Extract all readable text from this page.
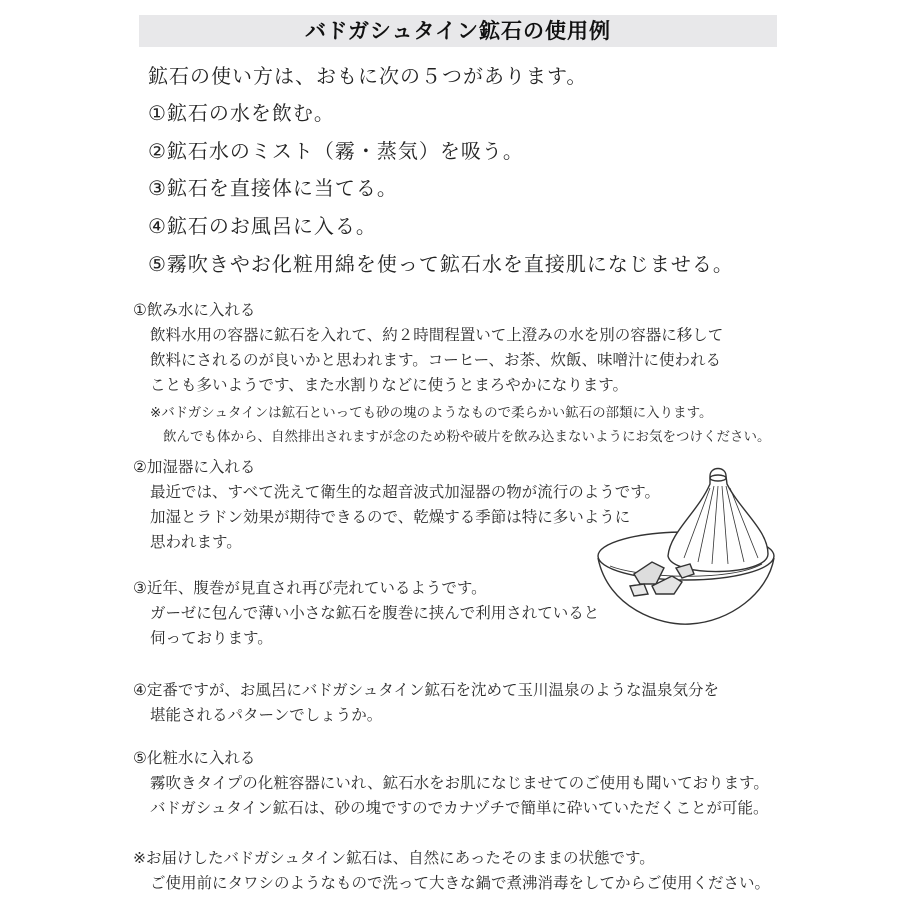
バドガシュタイン鉱石の使用例
鉱石の使い方は、おもに次の５つがあります。
①鉱石の水を飲む。
②鉱石水のミスト（霧・蒸気）を吸う。
③鉱石を直接体に当てる。
④鉱石のお風呂に入る。
⑤霧吹きやお化粧用綿を使って鉱石水を直接肌になじませる。
①飲み水に入れる
飲料水用の容器に鉱石を入れて、約２時間程置いて上澄みの水を別の容器に移して
飲料にされるのが良いかと思われます。コーヒー、お茶、炊飯、味噌汁に使われる
ことも多いようです、また水割りなどに使うとまろやかになります。
※バドガシュタインは鉱石といっても砂の塊のようなもので柔らかい鉱石の部類に入ります。
飲んでも体から、自然排出されますが念のため粉や破片を飲み込まないようにお気をつけください。
②加湿器に入れる
最近では、すべて洗えて衛生的な超音波式加湿器の物が流行のようです。
加湿とラドン効果が期待できるので、乾燥する季節は特に多いように
思われます。
③近年、腹巻が見直され再び売れているようです。
ガーゼに包んで薄い小さな鉱石を腹巻に挟んで利用されていると
伺っております。
④定番ですが、お風呂にバドガシュタイン鉱石を沈めて玉川温泉のような温泉気分を
堪能されるパターンでしょうか。
⑤化粧水に入れる
霧吹きタイプの化粧容器にいれ、鉱石水をお肌になじませてのご使用も聞いております。
バドガシュタイン鉱石は、砂の塊ですのでカナヅチで簡単に砕いていただくことが可能。
※お届けしたバドガシュタイン鉱石は、自然にあったそのままの状態です。
ご使用前にタワシのようなもので洗って大きな鍋で煮沸消毒をしてからご使用ください。
